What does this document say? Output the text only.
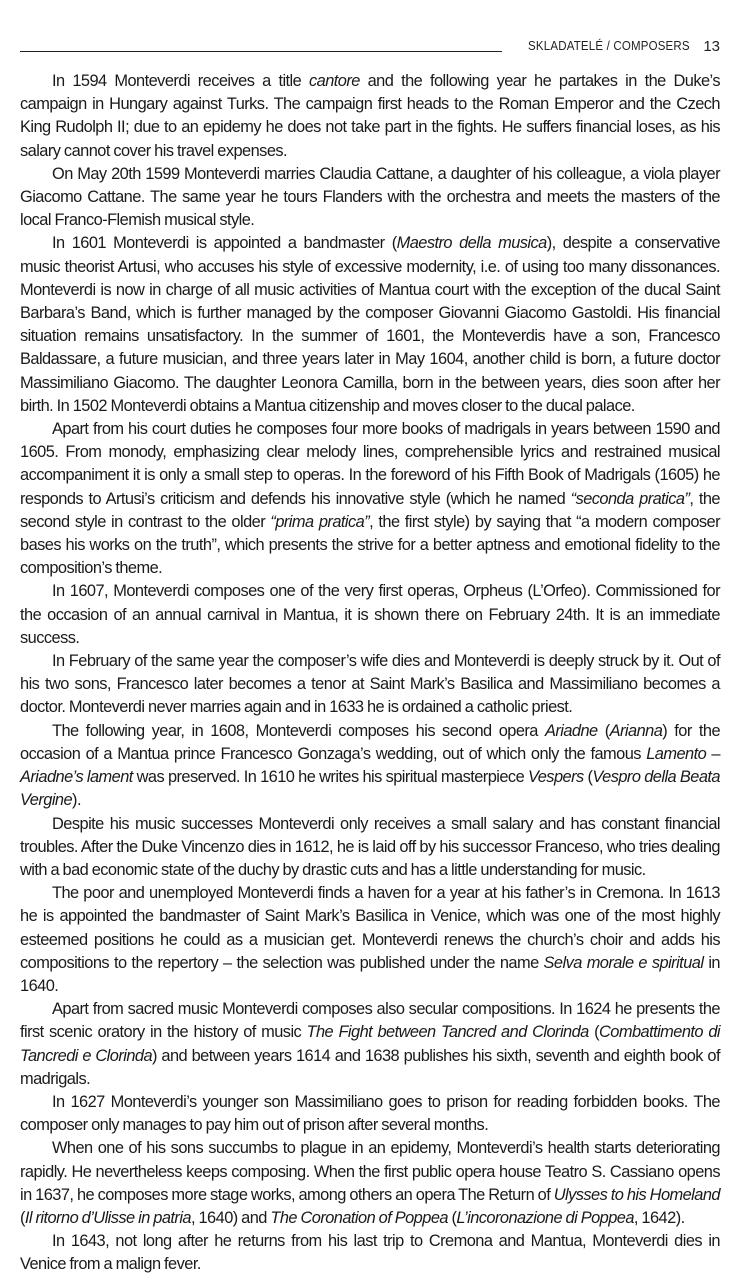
SKLADATELÉ / COMPOSERS 13

In 1594 Monteverdi receives a title cantore and the following year he partakes in the Duke’s campaign in Hungary against Turks. The campaign first heads to the Roman Emperor and the Czech King Rudolph II; due to an epidemy he does not take part in the fights. He suffers financial loses, as his salary cannot cover his travel expenses.

On May 20th 1599 Monteverdi marries Claudia Cattane, a daughter of his colleague, a viola player Giacomo Cattane. The same year he tours Flanders with the orchestra and meets the masters of the local Franco-Flemish musical style.

In 1601 Monteverdi is appointed a bandmaster (Maestro della musica), despite a conservative music theorist Artusi, who accuses his style of excessive modernity, i.e. of using too many dissonances. Monteverdi is now in charge of all music activities of Mantua court with the exception of the ducal Saint Barbara’s Band, which is further managed by the composer Giovanni Giacomo Gastoldi. His financial situation remains unsatisfactory. In the summer of 1601, the Monteverdis have a son, Francesco Baldassare, a future musician, and three years later in May 1604, another child is born, a future doctor Massimiliano Giacomo. The daughter Leonora Camilla, born in the between years, dies soon after her birth. In 1502 Monteverdi obtains a Mantua citizenship and moves closer to the ducal palace.

Apart from his court duties he composes four more books of madrigals in years between 1590 and 1605. From monody, emphasizing clear melody lines, comprehensible lyrics and restrained musical accompaniment it is only a small step to operas. In the foreword of his Fifth Book of Madrigals (1605) he responds to Artusi’s criticism and defends his innovative style (which he named “seconda pratica”, the second style in contrast to the older “prima pratica”, the first style) by saying that “a modern composer bases his works on the truth”, which presents the strive for a better aptness and emotional fidelity to the composition’s theme.

In 1607, Monteverdi composes one of the very first operas, Orpheus (L’Orfeo). Commissioned for the occasion of an annual carnival in Mantua, it is shown there on February 24th. It is an immediate success.

In February of the same year the composer’s wife dies and Monteverdi is deeply struck by it. Out of his two sons, Francesco later becomes a tenor at Saint Mark’s Basilica and Massimiliano becomes a doctor. Monteverdi never marries again and in 1633 he is ordained a catholic priest.

The following year, in 1608, Monteverdi composes his second opera Ariadne (Arianna) for the occasion of a Mantua prince Francesco Gonzaga’s wedding, out of which only the famous Lamento – Ariadne’s lament was preserved. In 1610 he writes his spiritual masterpiece Vespers (Vespro della Beata Vergine).

Despite his music successes Monteverdi only receives a small salary and has constant financial troubles. After the Duke Vincenzo dies in 1612, he is laid off by his successor Franceso, who tries dealing with a bad economic state of the duchy by drastic cuts and has a little understanding for music.

The poor and unemployed Monteverdi finds a haven for a year at his father’s in Cremona. In 1613 he is appointed the bandmaster of Saint Mark’s Basilica in Venice, which was one of the most highly esteemed positions he could as a musician get. Monteverdi renews the church’s choir and adds his compositions to the repertory – the selection was published under the name Selva morale e spiritual in 1640.

Apart from sacred music Monteverdi composes also secular compositions. In 1624 he presents the first scenic oratory in the history of music The Fight between Tancred and Clorinda (Combattimento di Tancredi e Clorinda) and between years 1614 and 1638 publishes his sixth, seventh and eighth book of madrigals.

In 1627 Monteverdi’s younger son Massimiliano goes to prison for reading forbidden books. The composer only manages to pay him out of prison after several months.

When one of his sons succumbs to plague in an epidemy, Monteverdi’s health starts deteriorating rapidly. He nevertheless keeps composing. When the first public opera house Teatro S. Cassiano opens in 1637, he composes more stage works, among others an opera The Return of Ulysses to his Homeland (Il ritorno d’Ulisse in patria, 1640) and The Coronation of Poppea (L’incoronazione di Poppea, 1642).

In 1643, not long after he returns from his last trip to Cremona and Mantua, Monteverdi dies in Venice from a malign fever.
